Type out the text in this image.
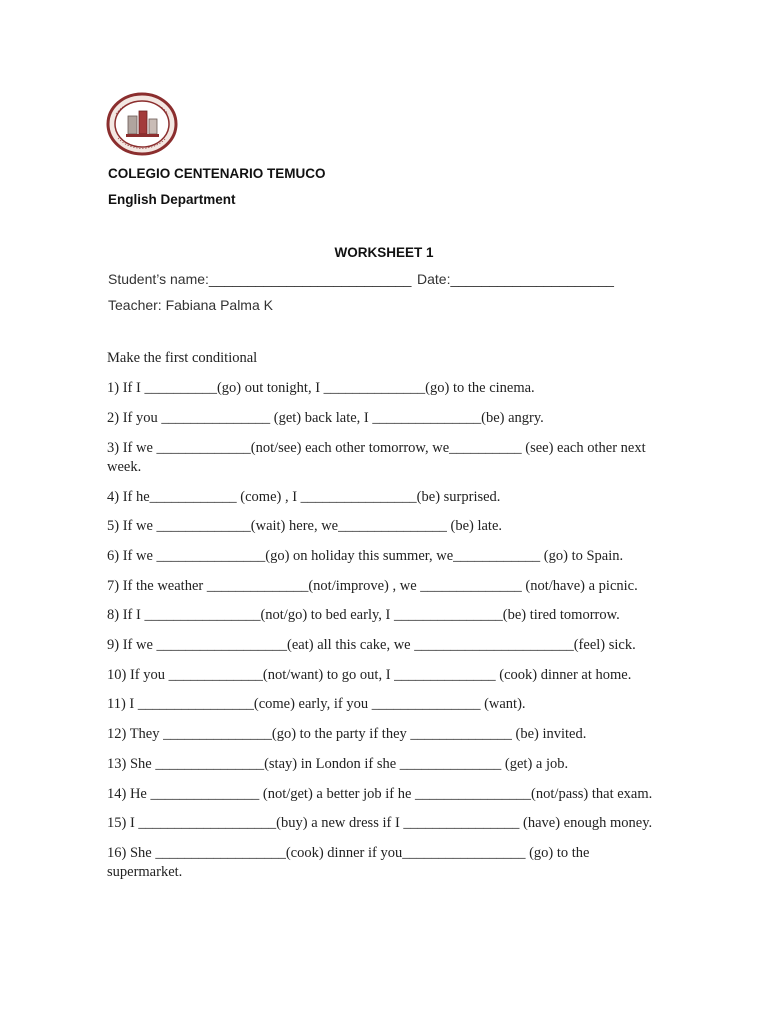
COLEGIO CENTENARIO TEMUCO
English Department
WORKSHEET 1
Student’s name:__________________________ Date:_____________________
Teacher: Fabiana Palma K
Make the first conditional
1) If I __________(go) out tonight, I ______________(go) to the cinema.
2) If you _______________ (get) back late, I _______________(be) angry.
3) If we _____________(not/see) each other tomorrow, we__________ (see) each other next week.
4) If he____________ (come) , I ________________(be) surprised.
5) If we _____________(wait) here, we_______________ (be) late.
6) If we _______________(go) on holiday this summer, we____________ (go) to Spain.
7) If the weather ______________(not/improve) , we ______________ (not/have) a picnic.
8) If I ________________(not/go) to bed early, I _______________(be) tired tomorrow.
9) If we __________________(eat) all this cake, we ______________________(feel) sick.
10) If you _____________(not/want) to go out, I ______________ (cook) dinner at home.
11) I ________________(come) early, if you _______________ (want).
12) They _______________(go) to the party if they ______________ (be) invited.
13) She _______________(stay) in London if she ______________ (get) a job.
14) He _______________ (not/get) a better job if he ________________(not/pass) that exam.
15) I ___________________(buy) a new dress if I ________________ (have) enough money.
16) She __________________(cook) dinner if you_________________ (go) to the supermarket.
